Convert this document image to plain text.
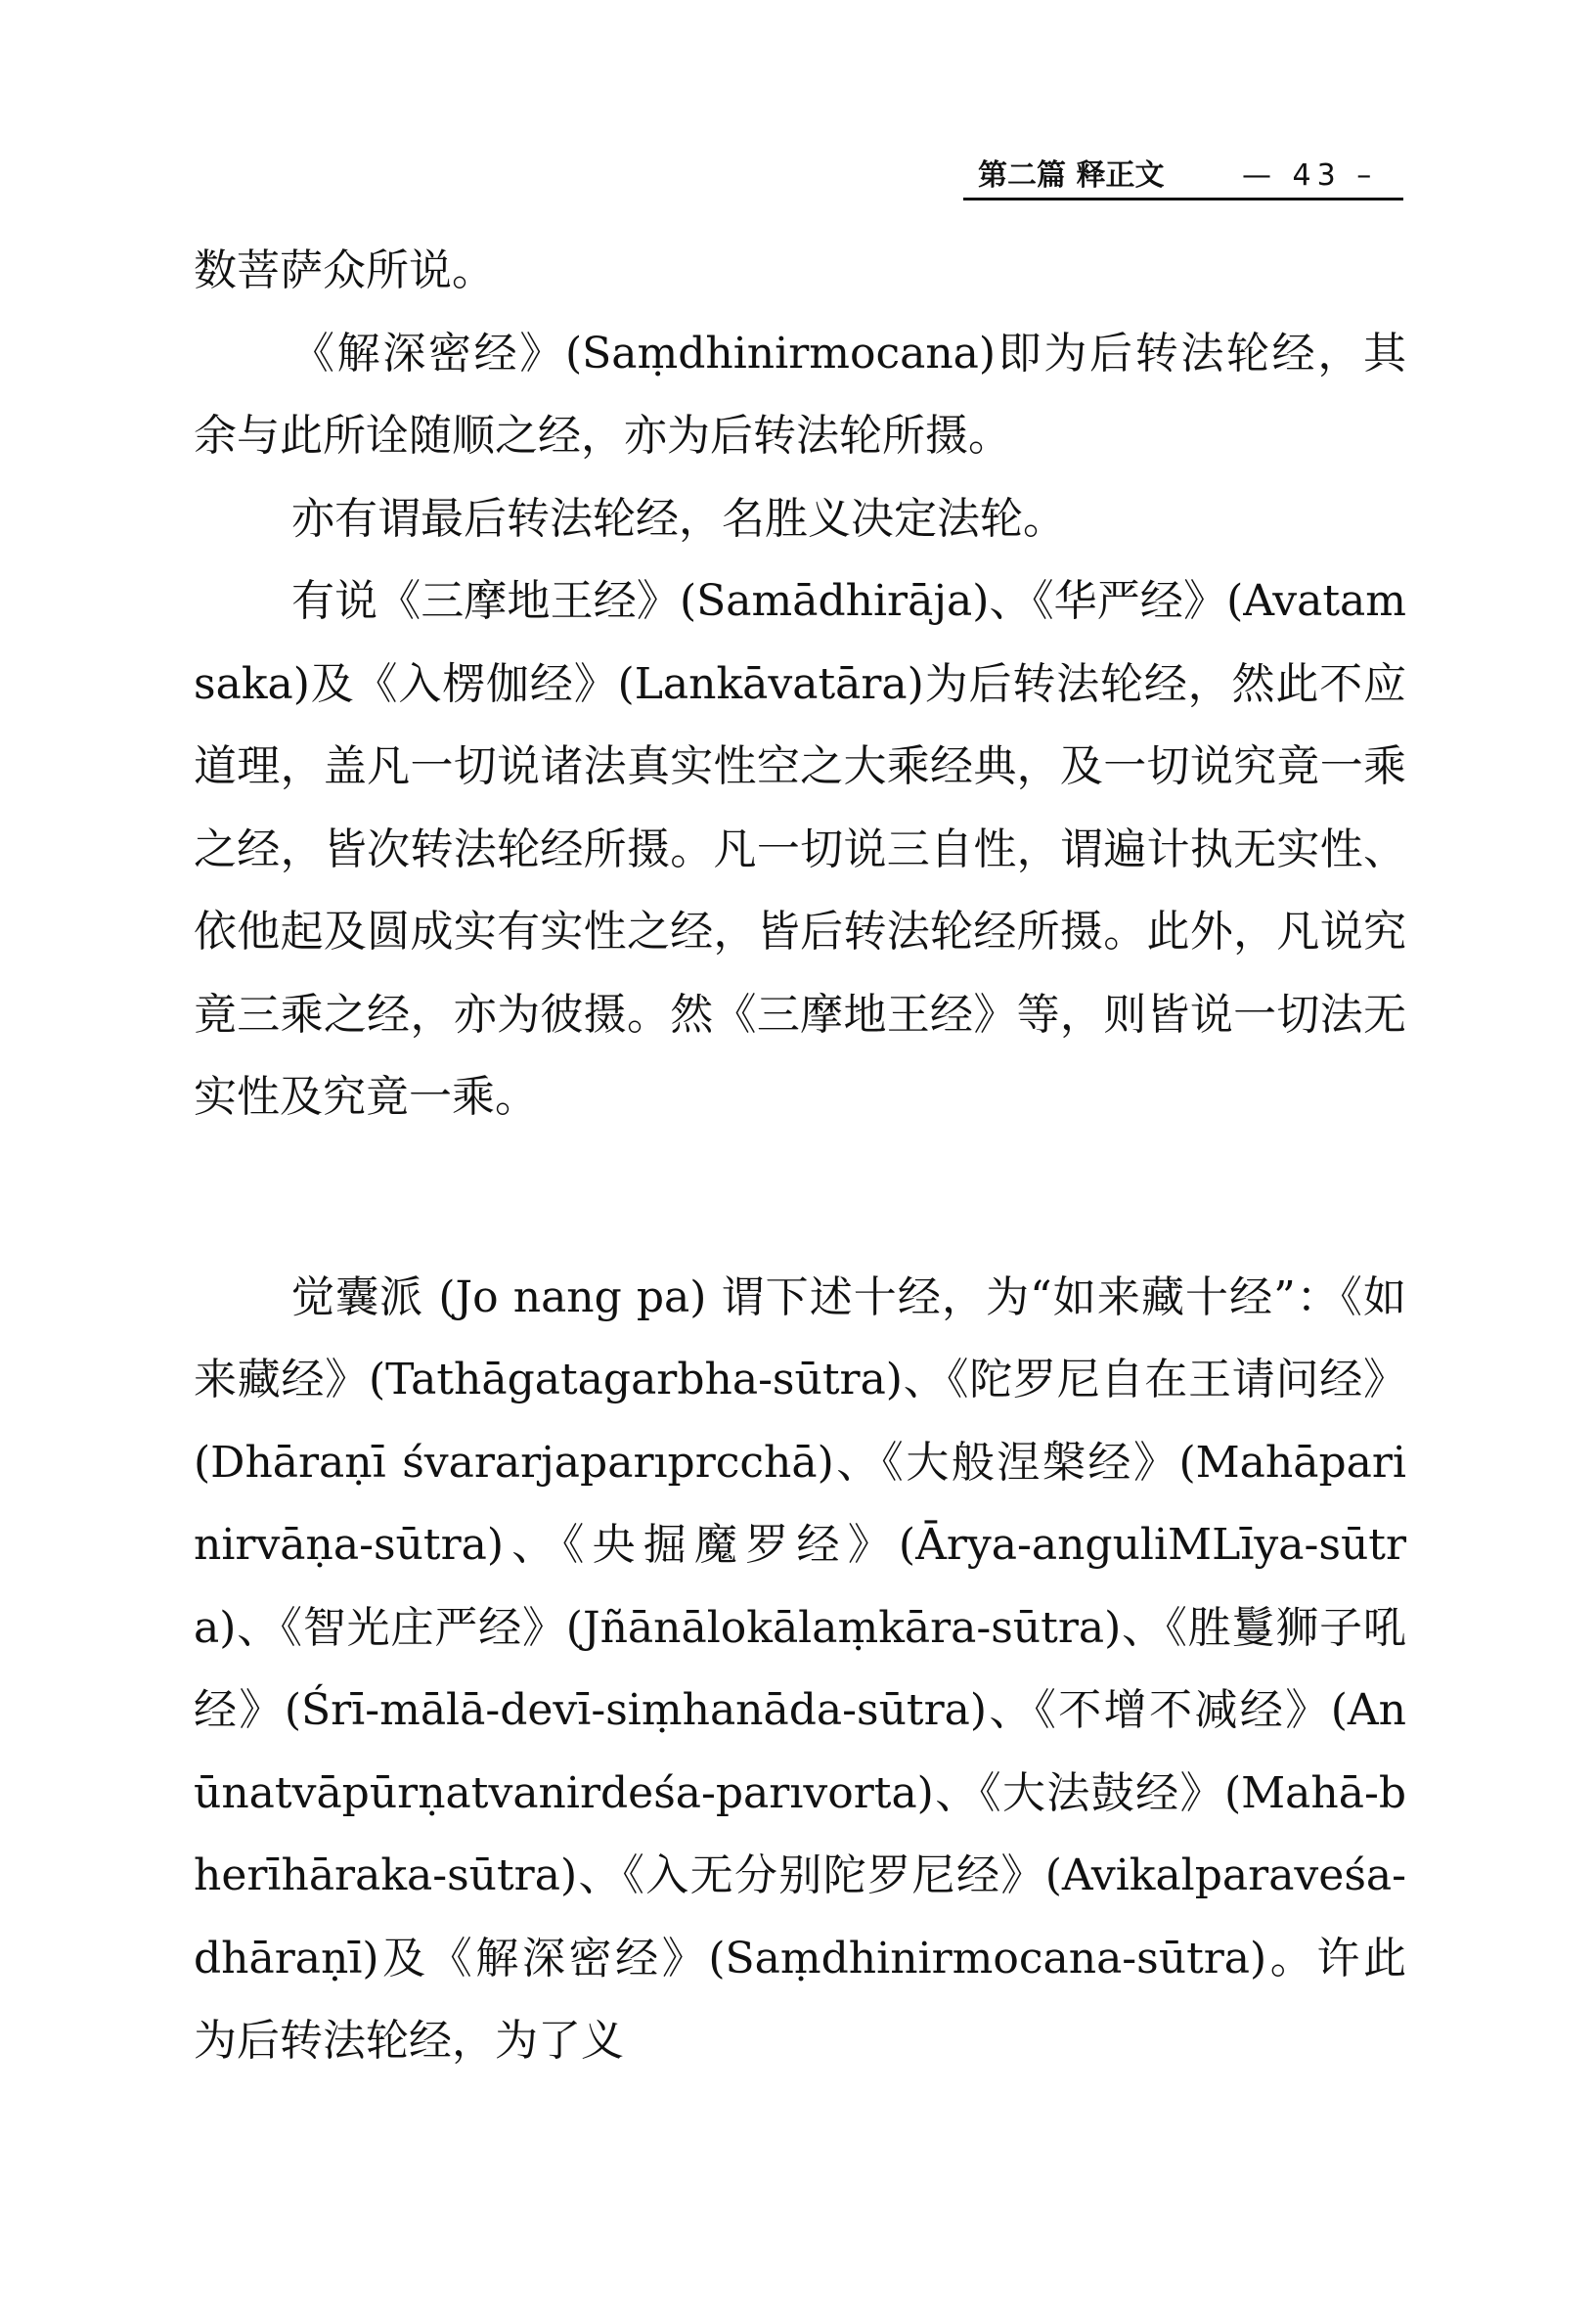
第二篇 释正文	— 43 –

数菩萨众所说。

《解深密经》(Saṃdhinirmocana)即为后转法轮经，其余与此所诠随顺之经，亦为后转法轮所摄。

亦有谓最后转法轮经，名胜义决定法轮。

有说《三摩地王经》(Samādhirāja)、《华严经》(Avatamsaka)及《入楞伽经》(Lankāvatāra)为后转法轮经，然此不应道理，盖凡一切说诸法真实性空之大乘经典，及一切说究竟一乘之经，皆次转法轮经所摄。凡一切说三自性，谓遍计执无实性、依他起及圆成实有实性之经，皆后转法轮经所摄。此外，凡说究竟三乘之经，亦为彼摄。然《三摩地王经》等，则皆说一切法无实性及究竟一乘。

觉囊派 (Jo nang pa) 谓下述十经，为“如来藏十经”：《如来藏经》(Tathāgatagarbha-sūtra)、《陀罗尼自在王请问经》(Dhāraṇī śvararjaparıprcchā)、《大般涅槃经》(Mahāparinirvāṇa-sūtra)、《央掘魔罗经》(Ārya-anguliMLīya-sūtra)、《智光庄严经》(Jñānālokālaṃkāra-sūtra)、《胜鬘狮子吼经》(Śrī-mālā-devī-siṃhanāda-sūtra)、《不增不减经》(Anūnatvāpūrṇatvanirdeśa-parıvorta)、《大法鼓经》(Mahā-bherīhāraka-sūtra)、《入无分别陀罗尼经》(Avikalparaveśa-dhāraṇī)及《解深密经》(Saṃdhinirmocana-sūtra)。许此为后转法轮经，为了义
